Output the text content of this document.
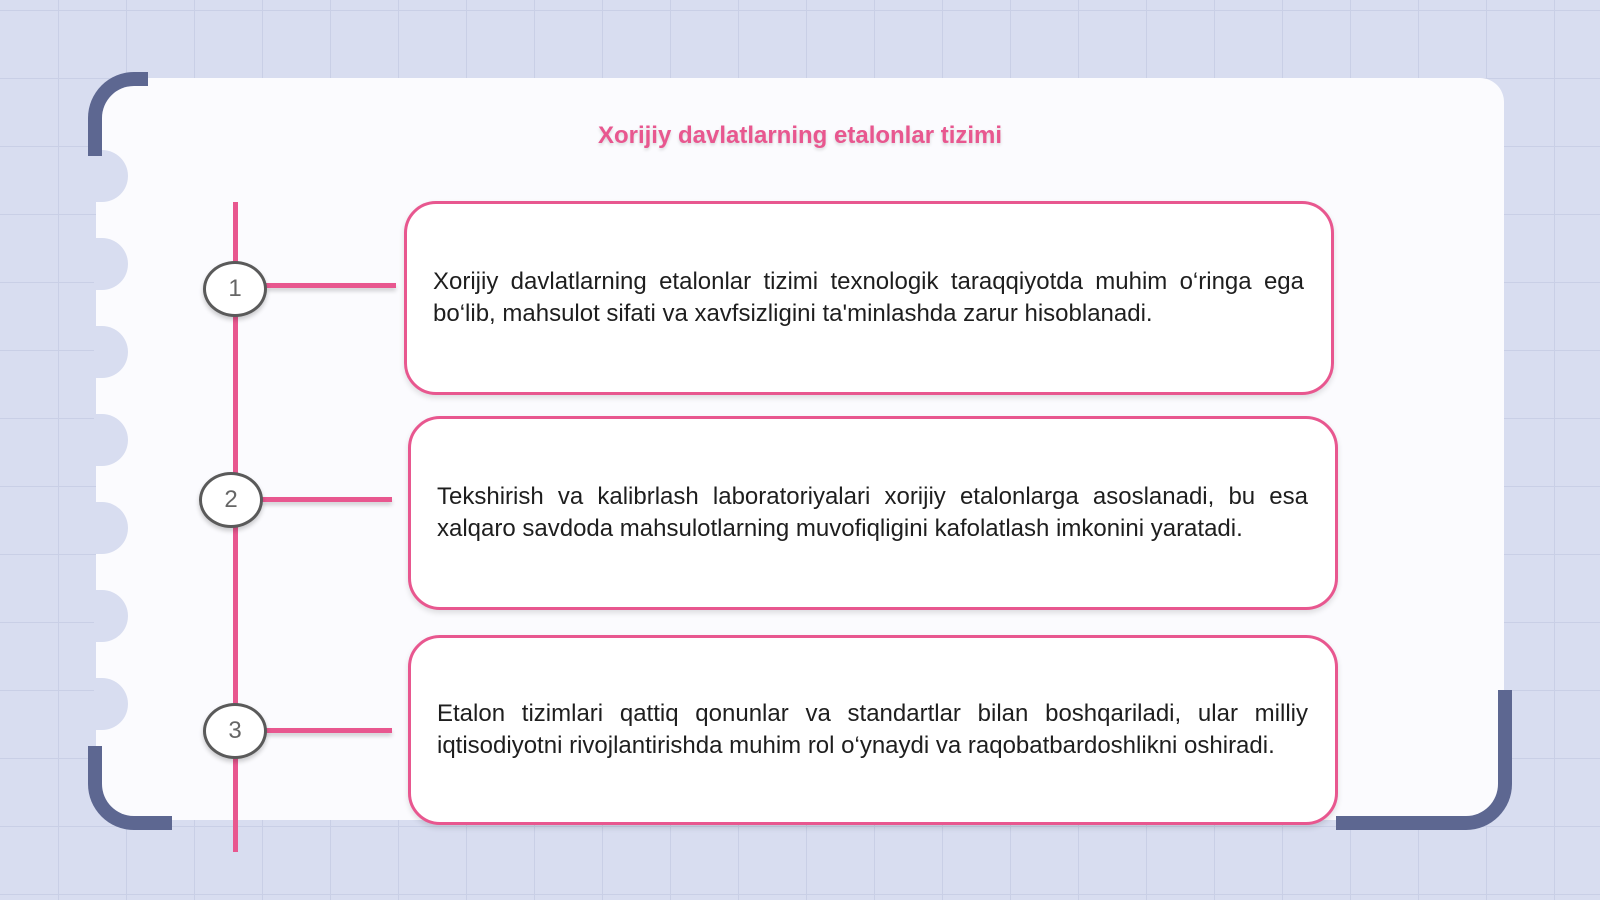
Xorijiy davlatlarning etalonlar tizimi
1
2
3

Xorijiy davlatlarning etalonlar tizimi texnologik taraqqiyotda muhim o‘ringa ega bo‘lib, mahsulot sifati va xavfsizligini ta'minlashda zarur hisoblanadi.

Tekshirish va kalibrlash laboratoriyalari xorijiy etalonlarga asoslanadi, bu esa xalqaro savdoda mahsulotlarning muvofiqligini kafolatlash imkonini yaratadi.

Etalon tizimlari qattiq qonunlar va standartlar bilan boshqariladi, ular milliy iqtisodiyotni rivojlantirishda muhim rol o‘ynaydi va raqobatbardoshlikni oshiradi.
